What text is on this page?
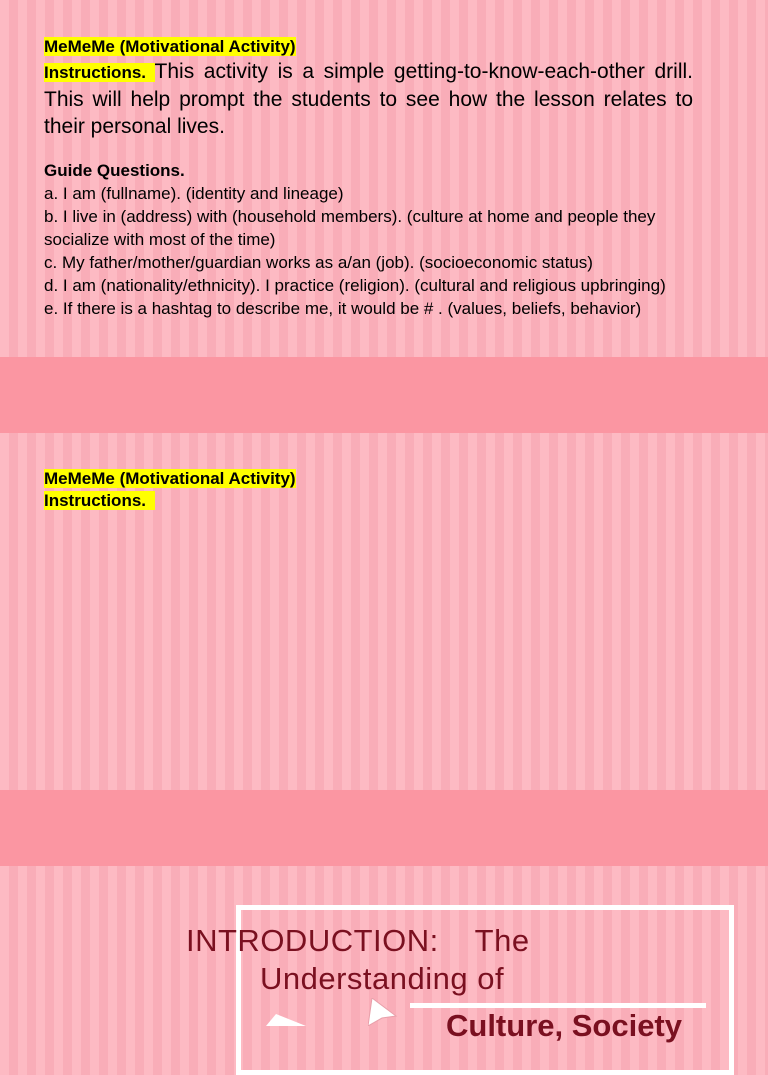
MeMeMe (Motivational Activity)

Instructions. This activity is a simple getting-to-know-each-other drill. This will help prompt the students to see how the lesson relates to their personal lives.

Guide Questions.

a. I am (fullname). (identity and lineage)

b. I live in (address) with (household members). (culture at home and people they socialize with most of the time)

c. My father/mother/guardian works as a/an (job). (socioeconomic status)

d. I am (nationality/ethnicity). I practice (religion). (cultural and religious upbringing)

e. If there is a hashtag to describe me, it would be # . (values, beliefs, behavior)

MeMeMe (Motivational Activity)
Instructions.
INTRODUCTION:    The
Understanding of
Culture, Society
